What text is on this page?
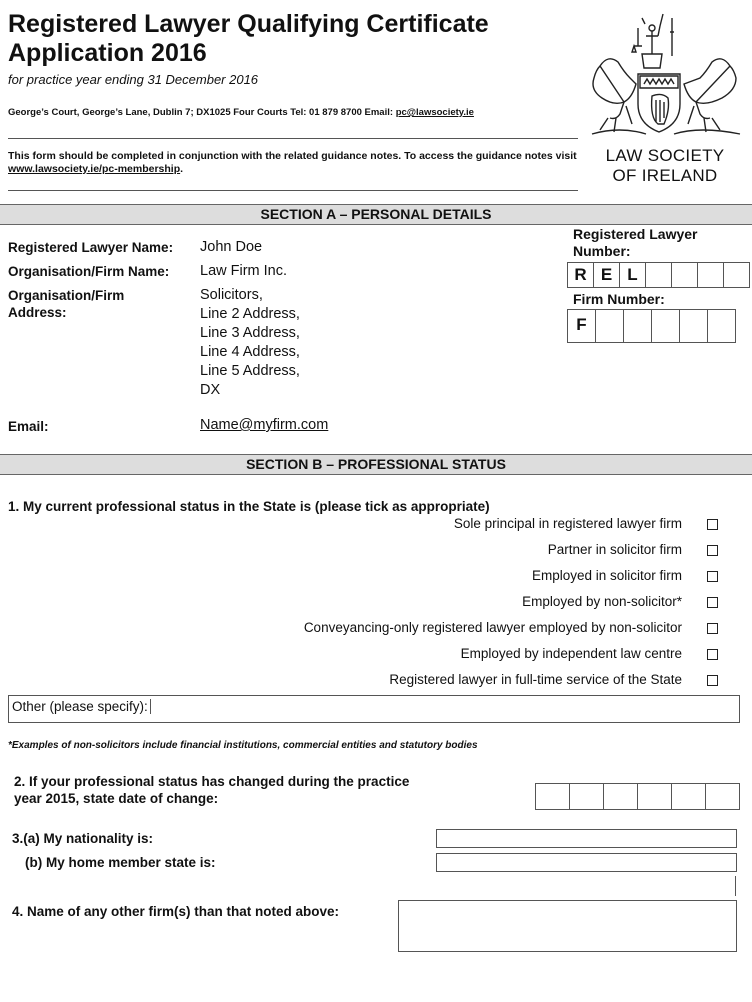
Registered Lawyer Qualifying Certificate
Application 2016
for practice year ending 31 December 2016
George’s Court, George’s Lane, Dublin 7; DX1025 Four Courts Tel: 01 879 8700 Email: pc@lawsociety.ie
This form should be completed in conjunction with the related guidance notes. To access the guidance notes visit www.lawsociety.ie/pc-membership.
LAW SOCIETY
OF IRELAND
SECTION A – PERSONAL DETAILS
Registered Lawyer Name: John Doe
Organisation/Firm Name: Law Firm Inc.
Organisation/Firm
Address:
Solicitors,
Line 2 Address,
Line 3 Address,
Line 4 Address,
Line 5 Address,
DX
Email:	Name@myfirm.com
Registered Lawyer
Number:
R E L
Firm Number:
F
SECTION B – PROFESSIONAL STATUS
1. My current professional status in the State is (please tick as appropriate)
Sole principal in registered lawyer firm
Partner in solicitor firm
Employed in solicitor firm
Employed by non-solicitor*
Conveyancing-only registered lawyer employed by non-solicitor
Employed by independent law centre
Registered lawyer in full-time service of the State
Other (please specify):
*Examples of non-solicitors include financial institutions, commercial entities and statutory bodies
2. If your professional status has changed during the practice
year 2015, state date of change:
3.(a) My nationality is:
(b) My home member state is:
4. Name of any other firm(s) than that noted above:
